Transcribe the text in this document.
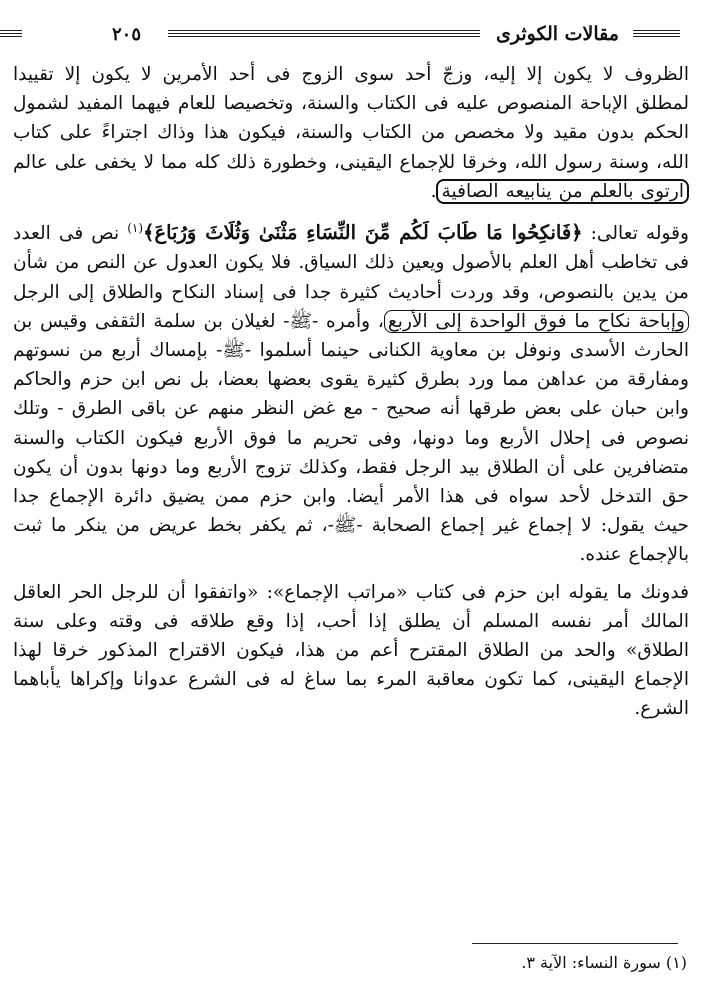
٢٠٥	مقالات الكوثرى

الظروف لا يكون إلا إليه، وزجّ أحد سوى الزوج فى أحد الأمرين لا يكون إلا تقييدا لمطلق الإباحة المنصوص عليه فى الكتاب والسنة، وتخصيصا للعام فيهما المفيد لشمول الحكم بدون مقيد ولا مخصص من الكتاب والسنة، فيكون هذا وذاك اجتراءً على كتاب الله، وسنة رسول الله، وخرقا للإجماع اليقينى، وخطورة ذلك كله مما لا يخفى على عالم ارتوى بالعلم من ينابيعه الصافية.

وقوله تعالى: ﴿فَانكِحُوا مَا طَابَ لَكُم مِّنَ النِّسَاءِ مَثْنَىٰ وَثُلَاثَ وَرُبَاعَ﴾$^{(١)}$ نص فى العدد فى تخاطب أهل العلم بالأصول ويعين ذلك السياق. فلا يكون العدول عن النص من شأن من يدين بالنصوص، وقد وردت أحاديث كثيرة جدا فى إسناد النكاح والطلاق إلى الرجل وإباحة نكاح ما فوق الواحدة إلى الأربع، وأمره -ﷺ- لغيلان بن سلمة الثقفى وقيس بن الحارث الأسدى ونوفل بن معاوية الكنانى حينما أسلموا -ﷺ- بإمساك أربع من نسوتهم ومفارقة من عداهن مما ورد بطرق كثيرة يقوى بعضها بعضا، بل نص ابن حزم والحاكم وابن حبان على بعض طرقها أنه صحيح - مع غض النظر منهم عن باقى الطرق - وتلك نصوص فى إحلال الأربع وما دونها، وفى تحريم ما فوق الأربع فيكون الكتاب والسنة متضافرين على أن الطلاق بيد الرجل فقط، وكذلك تزوج الأربع وما دونها بدون أن يكون حق التدخل لأحد سواه فى هذا الأمر أيضا. وابن حزم ممن يضيق دائرة الإجماع جدا حيث يقول: لا إجماع غير إجماع الصحابة -ﷺ-، ثم يكفر بخط عريض من ينكر ما ثبت بالإجماع عنده.

فدونك ما يقوله ابن حزم فى كتاب «مراتب الإجماع»: «واتفقوا أن للرجل الحر العاقل المالك أمر نفسه المسلم أن يطلق إذا أحب، إذا وقع طلاقه فى وقته وعلى سنة الطلاق» والحد من الطلاق المقترح أعم من هذا، فيكون الاقتراح المذكور خرقا لهذا الإجماع اليقينى، كما تكون معاقبة المرء بما ساغ له فى الشرع عدوانا وإكراها يأباهما الشرع.

(١) سورة النساء: الآية ٣.
